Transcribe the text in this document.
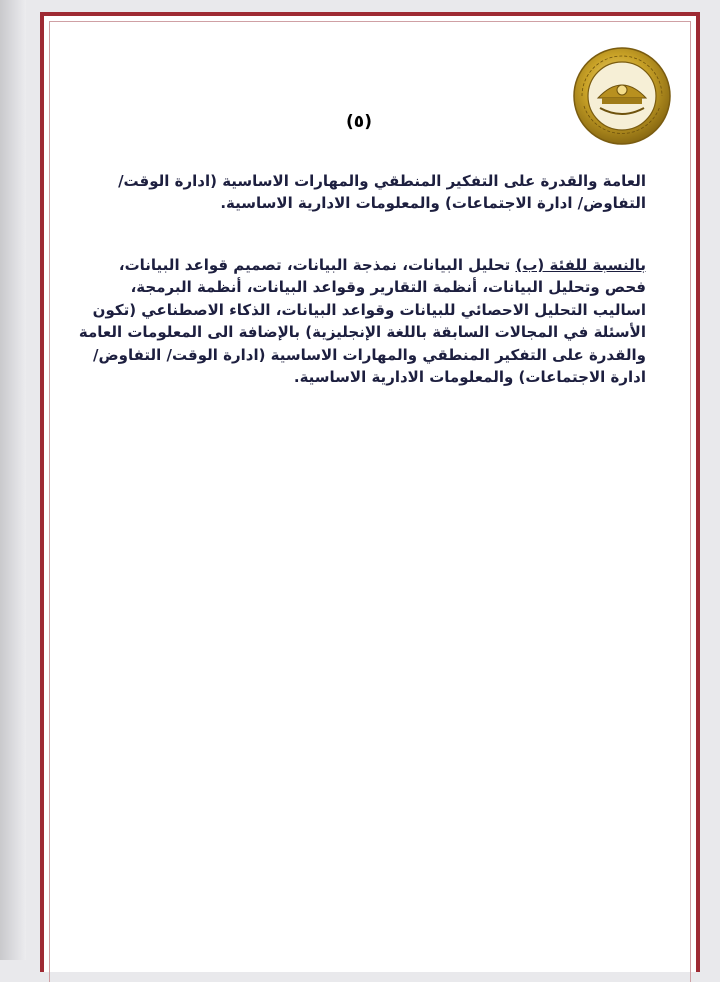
(٥)

العامة والقدرة على التفكير المنطقي والمهارات الاساسية (ادارة الوقت/
التفاوض/ ادارة الاجتماعات) والمعلومات الادارية الاساسية.

بالنسبة للفئة (ب) تحليل البيانات، نمذجة البيانات، تصميم قواعد البيانات،
فحص وتحليل البيانات، أنظمة التقارير وقواعد البيانات، أنظمة البرمجة،
اساليب التحليل الاحصائي للبيانات وقواعد البيانات، الذكاء الاصطناعي (تكون
الأسئلة في المجالات السابقة باللغة الإنجليزية) بالإضافة الى المعلومات العامة
والقدرة على التفكير المنطقي والمهارات الاساسية (ادارة الوقت/ التفاوض/
ادارة الاجتماعات) والمعلومات الادارية الاساسية.
